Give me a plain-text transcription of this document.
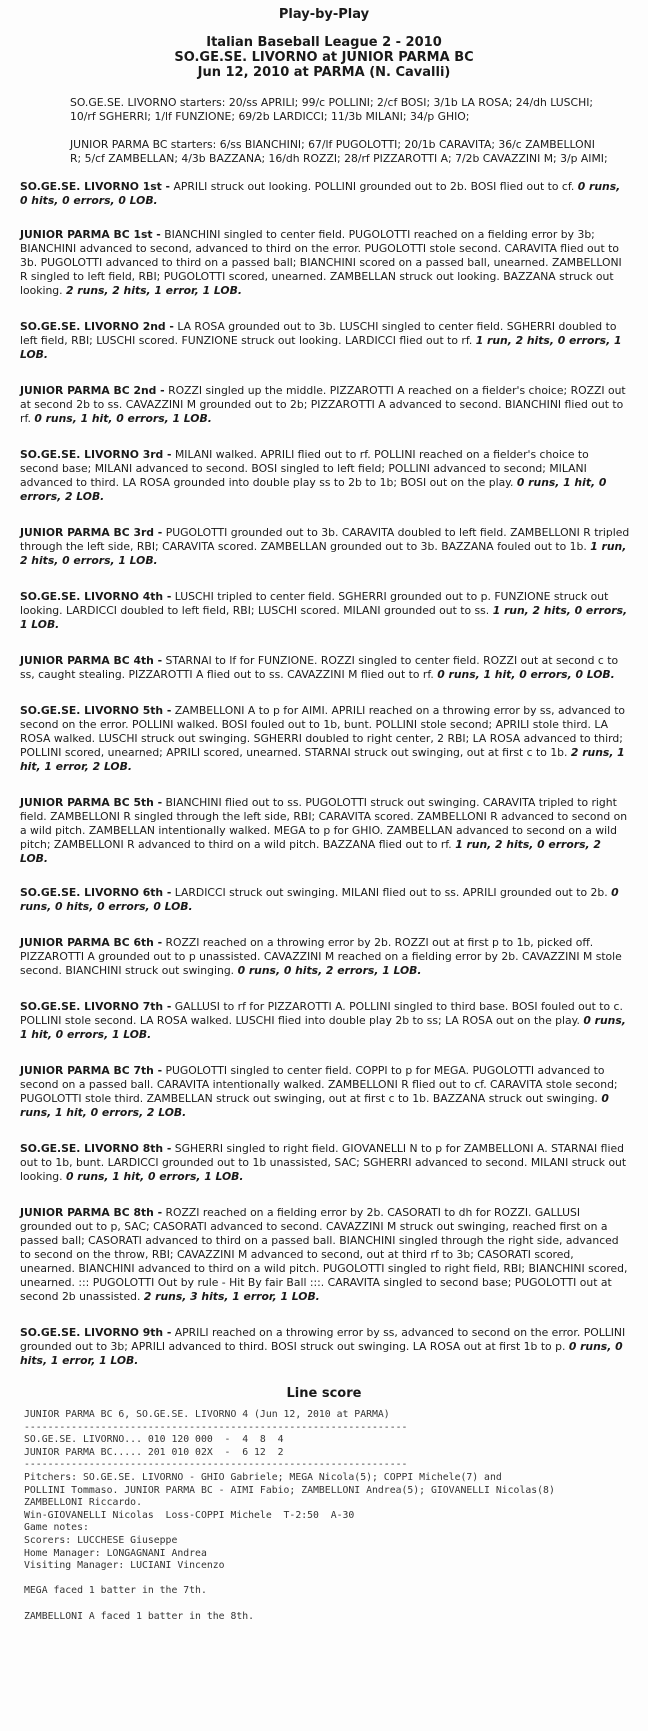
Play-by-Play
Italian Baseball League 2 - 2010
SO.GE.SE. LIVORNO at JUNIOR PARMA BC
Jun 12, 2010 at PARMA (N. Cavalli)

SO.GE.SE. LIVORNO starters: 20/ss APRILI; 99/c POLLINI; 2/cf BOSI; 3/1b LA ROSA; 24/dh LUSCHI; 10/rf SGHERRI; 1/lf FUNZIONE; 69/2b LARDICCI; 11/3b MILANI; 34/p GHIO;

JUNIOR PARMA BC starters: 6/ss BIANCHINI; 67/lf PUGOLOTTI; 20/1b CARAVITA; 36/c ZAMBELLONI R; 5/cf ZAMBELLAN; 4/3b BAZZANA; 16/dh ROZZI; 28/rf PIZZAROTTI A; 7/2b CAVAZZINI M; 3/p AIMI;

SO.GE.SE. LIVORNO 1st - APRILI struck out looking. POLLINI grounded out to 2b. BOSI flied out to cf. 0 runs, 0 hits, 0 errors, 0 LOB.
JUNIOR PARMA BC 1st - BIANCHINI singled to center field. PUGOLOTTI reached on a fielding error by 3b; BIANCHINI advanced to second, advanced to third on the error. PUGOLOTTI stole second. CARAVITA flied out to 3b. PUGOLOTTI advanced to third on a passed ball; BIANCHINI scored on a passed ball, unearned. ZAMBELLONI R singled to left field, RBI; PUGOLOTTI scored, unearned. ZAMBELLAN struck out looking. BAZZANA struck out looking. 2 runs, 2 hits, 1 error, 1 LOB.
SO.GE.SE. LIVORNO 2nd - LA ROSA grounded out to 3b. LUSCHI singled to center field. SGHERRI doubled to left field, RBI; LUSCHI scored. FUNZIONE struck out looking. LARDICCI flied out to rf. 1 run, 2 hits, 0 errors, 1 LOB.
JUNIOR PARMA BC 2nd - ROZZI singled up the middle. PIZZAROTTI A reached on a fielder's choice; ROZZI out at second 2b to ss. CAVAZZINI M grounded out to 2b; PIZZAROTTI A advanced to second. BIANCHINI flied out to rf. 0 runs, 1 hit, 0 errors, 1 LOB.
SO.GE.SE. LIVORNO 3rd - MILANI walked. APRILI flied out to rf. POLLINI reached on a fielder's choice to second base; MILANI advanced to second. BOSI singled to left field; POLLINI advanced to second; MILANI advanced to third. LA ROSA grounded into double play ss to 2b to 1b; BOSI out on the play. 0 runs, 1 hit, 0 errors, 2 LOB.
JUNIOR PARMA BC 3rd - PUGOLOTTI grounded out to 3b. CARAVITA doubled to left field. ZAMBELLONI R tripled through the left side, RBI; CARAVITA scored. ZAMBELLAN grounded out to 3b. BAZZANA fouled out to 1b. 1 run, 2 hits, 0 errors, 1 LOB.
SO.GE.SE. LIVORNO 4th - LUSCHI tripled to center field. SGHERRI grounded out to p. FUNZIONE struck out looking. LARDICCI doubled to left field, RBI; LUSCHI scored. MILANI grounded out to ss. 1 run, 2 hits, 0 errors, 1 LOB.
JUNIOR PARMA BC 4th - STARNAI to lf for FUNZIONE. ROZZI singled to center field. ROZZI out at second c to ss, caught stealing. PIZZAROTTI A flied out to ss. CAVAZZINI M flied out to rf. 0 runs, 1 hit, 0 errors, 0 LOB.
SO.GE.SE. LIVORNO 5th - ZAMBELLONI A to p for AIMI. APRILI reached on a throwing error by ss, advanced to second on the error. POLLINI walked. BOSI fouled out to 1b, bunt. POLLINI stole second; APRILI stole third. LA ROSA walked. LUSCHI struck out swinging. SGHERRI doubled to right center, 2 RBI; LA ROSA advanced to third; POLLINI scored, unearned; APRILI scored, unearned. STARNAI struck out swinging, out at first c to 1b. 2 runs, 1 hit, 1 error, 2 LOB.
JUNIOR PARMA BC 5th - BIANCHINI flied out to ss. PUGOLOTTI struck out swinging. CARAVITA tripled to right field. ZAMBELLONI R singled through the left side, RBI; CARAVITA scored. ZAMBELLONI R advanced to second on a wild pitch. ZAMBELLAN intentionally walked. MEGA to p for GHIO. ZAMBELLAN advanced to second on a wild pitch; ZAMBELLONI R advanced to third on a wild pitch. BAZZANA flied out to rf. 1 run, 2 hits, 0 errors, 2 LOB.
SO.GE.SE. LIVORNO 6th - LARDICCI struck out swinging. MILANI flied out to ss. APRILI grounded out to 2b. 0 runs, 0 hits, 0 errors, 0 LOB.
JUNIOR PARMA BC 6th - ROZZI reached on a throwing error by 2b. ROZZI out at first p to 1b, picked off. PIZZAROTTI A grounded out to p unassisted. CAVAZZINI M reached on a fielding error by 2b. CAVAZZINI M stole second. BIANCHINI struck out swinging. 0 runs, 0 hits, 2 errors, 1 LOB.
SO.GE.SE. LIVORNO 7th - GALLUSI to rf for PIZZAROTTI A. POLLINI singled to third base. BOSI fouled out to c. POLLINI stole second. LA ROSA walked. LUSCHI flied into double play 2b to ss; LA ROSA out on the play. 0 runs, 1 hit, 0 errors, 1 LOB.
JUNIOR PARMA BC 7th - PUGOLOTTI singled to center field. COPPI to p for MEGA. PUGOLOTTI advanced to second on a passed ball. CARAVITA intentionally walked. ZAMBELLONI R flied out to cf. CARAVITA stole second; PUGOLOTTI stole third. ZAMBELLAN struck out swinging, out at first c to 1b. BAZZANA struck out swinging. 0 runs, 1 hit, 0 errors, 2 LOB.
SO.GE.SE. LIVORNO 8th - SGHERRI singled to right field. GIOVANELLI N to p for ZAMBELLONI A. STARNAI flied out to 1b, bunt. LARDICCI grounded out to 1b unassisted, SAC; SGHERRI advanced to second. MILANI struck out looking. 0 runs, 1 hit, 0 errors, 1 LOB.
JUNIOR PARMA BC 8th - ROZZI reached on a fielding error by 2b. CASORATI to dh for ROZZI. GALLUSI grounded out to p, SAC; CASORATI advanced to second. CAVAZZINI M struck out swinging, reached first on a passed ball; CASORATI advanced to third on a passed ball. BIANCHINI singled through the right side, advanced to second on the throw, RBI; CAVAZZINI M advanced to second, out at third rf to 3b; CASORATI scored, unearned. BIANCHINI advanced to third on a wild pitch. PUGOLOTTI singled to right field, RBI; BIANCHINI scored, unearned. ::: PUGOLOTTI Out by rule - Hit By fair Ball :::. CARAVITA singled to second base; PUGOLOTTI out at second 2b unassisted. 2 runs, 3 hits, 1 error, 1 LOB.
SO.GE.SE. LIVORNO 9th - APRILI reached on a throwing error by ss, advanced to second on the error. POLLINI grounded out to 3b; APRILI advanced to third. BOSI struck out swinging. LA ROSA out at first 1b to p. 0 runs, 0 hits, 1 error, 1 LOB.
Line score
JUNIOR PARMA BC 6, SO.GE.SE. LIVORNO 4 (Jun 12, 2010 at PARMA)
-----------------------------------------------------------------
SO.GE.SE. LIVORNO... 010 120 000  -  4  8  4
JUNIOR PARMA BC..... 201 010 02X  -  6 12  2
-----------------------------------------------------------------
Pitchers: SO.GE.SE. LIVORNO - GHIO Gabriele; MEGA Nicola(5); COPPI Michele(7) and
POLLINI Tommaso. JUNIOR PARMA BC - AIMI Fabio; ZAMBELLONI Andrea(5); GIOVANELLI Nicolas(8)
ZAMBELLONI Riccardo.
Win-GIOVANELLI Nicolas  Loss-COPPI Michele  T-2:50  A-30
Game notes:
Scorers: LUCCHESE Giuseppe
Home Manager: LONGAGNANI Andrea
Visiting Manager: LUCIANI Vincenzo

MEGA faced 1 batter in the 7th.

ZAMBELLONI A faced 1 batter in the 8th.
